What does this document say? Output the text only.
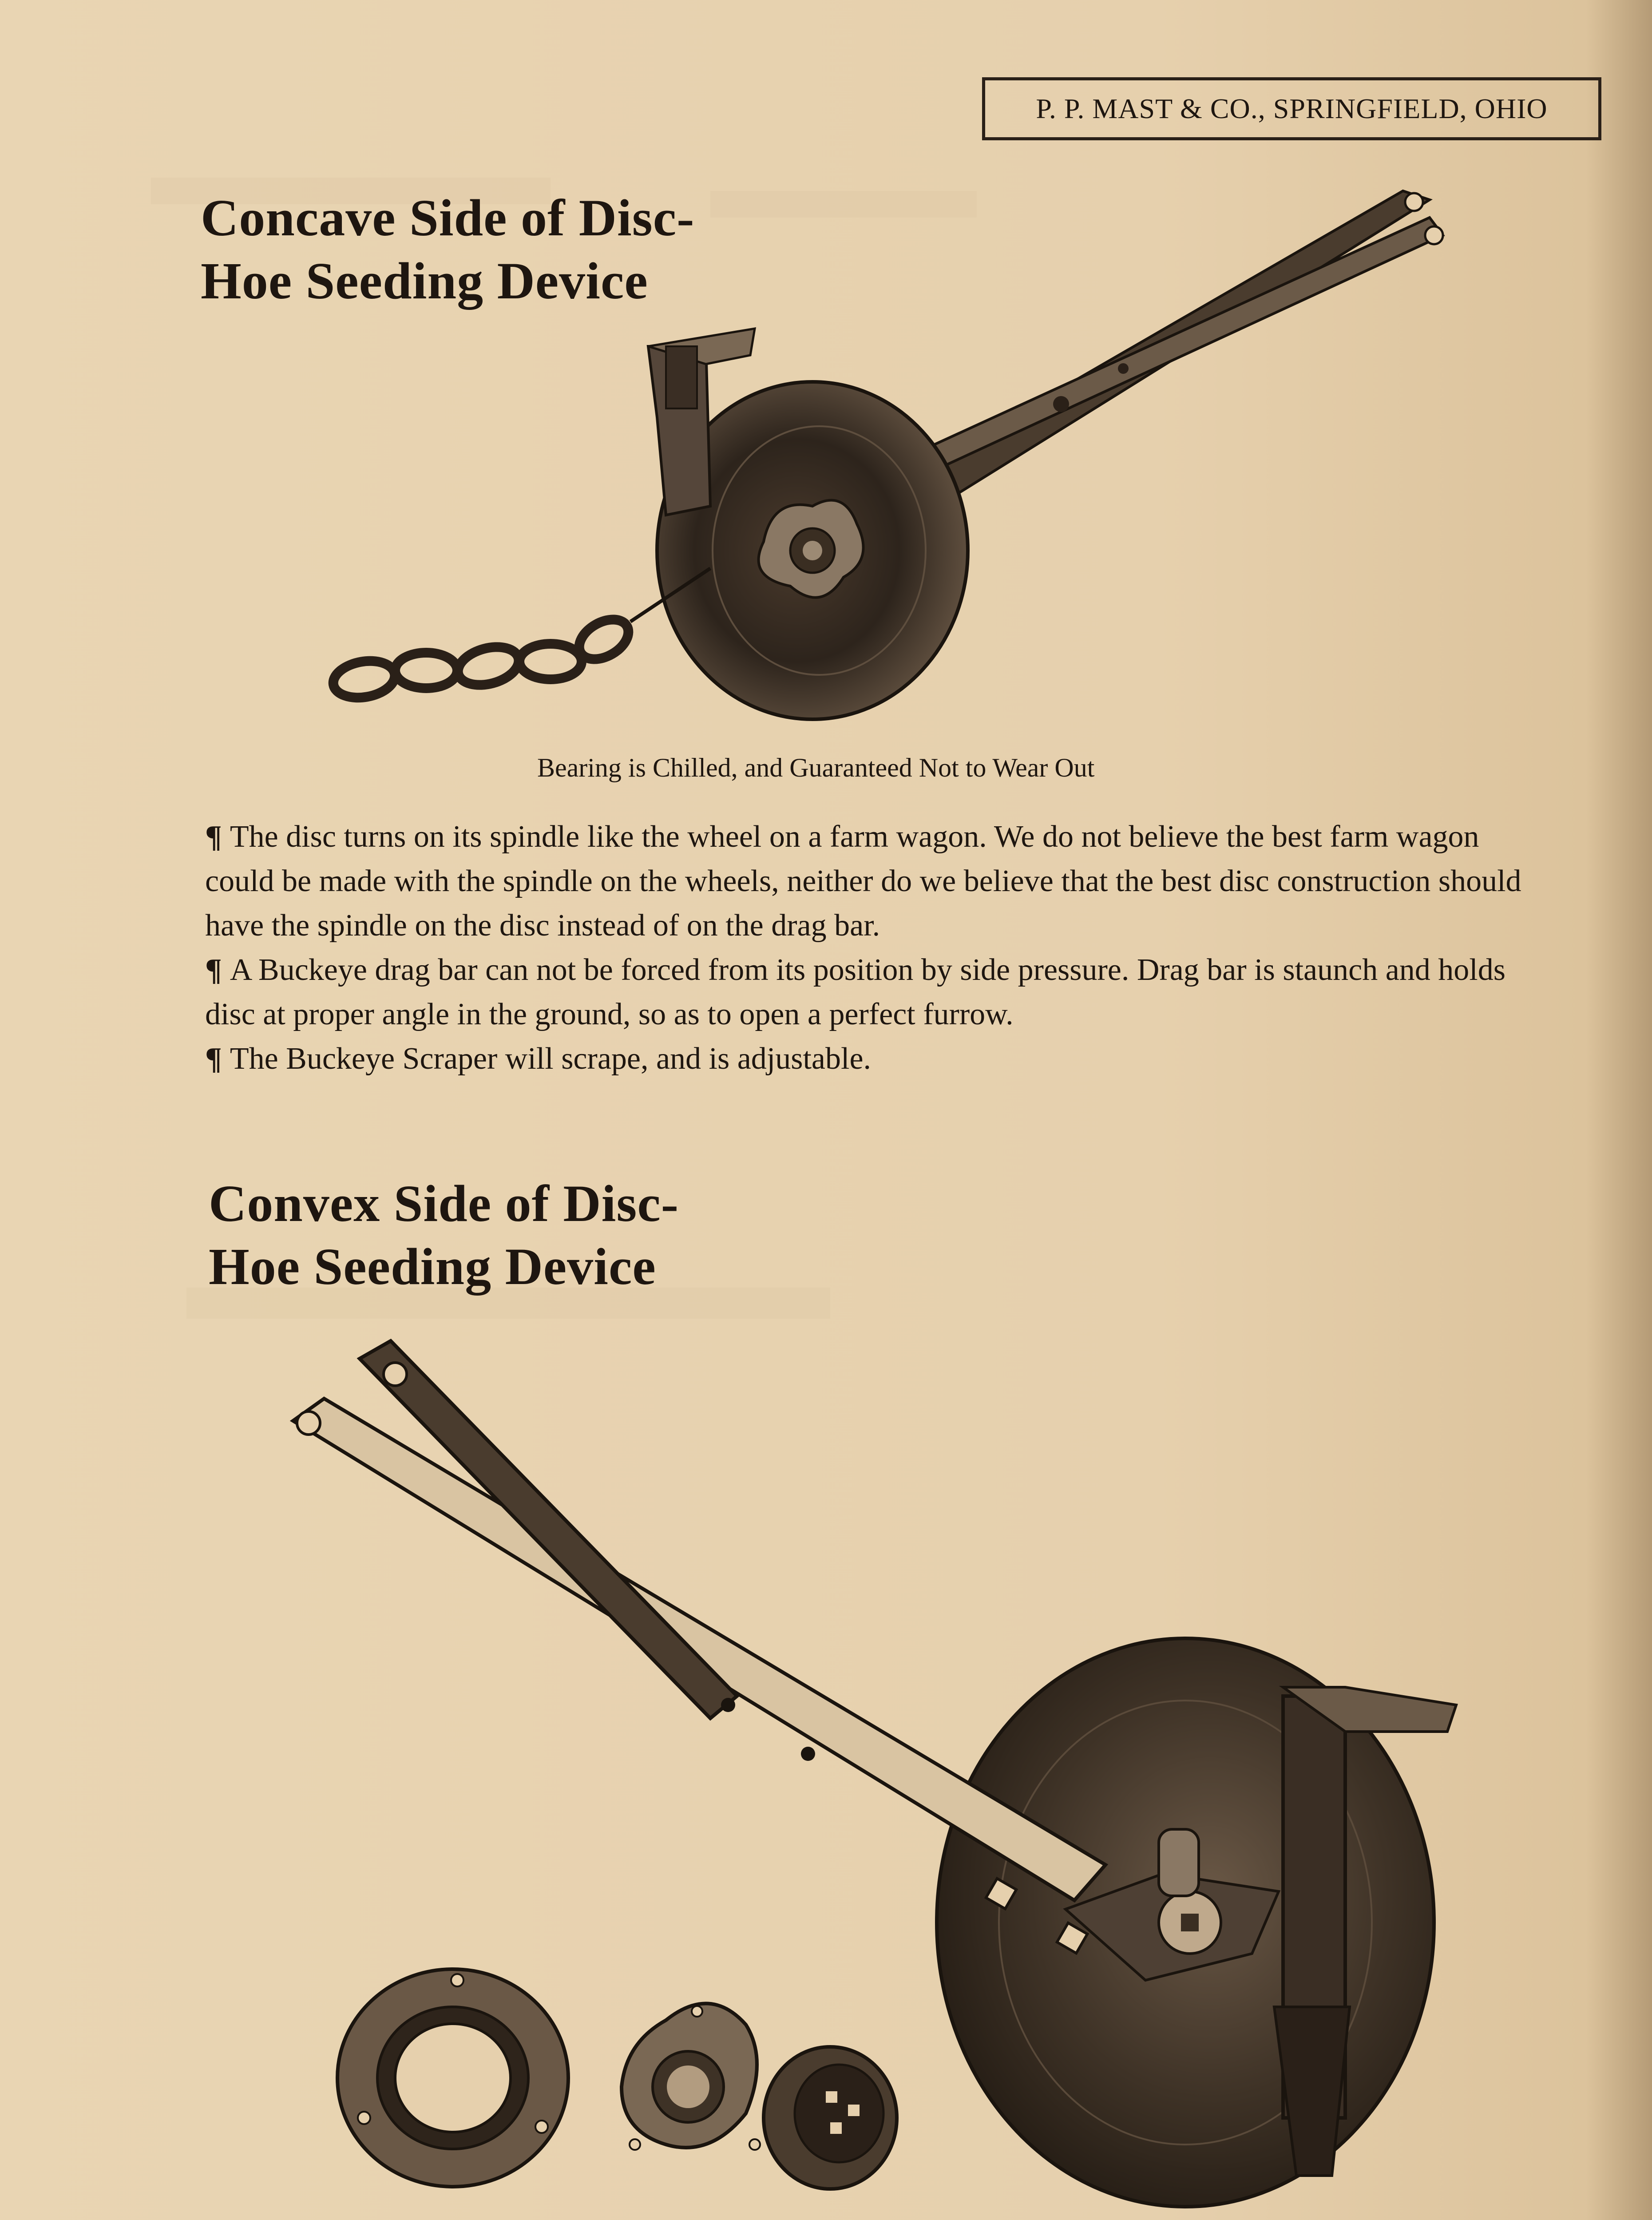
P. P. MAST & CO., SPRINGFIELD, OHIO
Concave Side of Disc-
Hoe Seeding Device
Bearing is Chilled, and Guaranteed Not to Wear Out

¶ The disc turns on its spindle like the wheel on a farm wagon. We do not believe the best farm wagon could be made with the spindle on the wheels, neither do we believe that the best disc construction should have the spindle on the disc instead of on the drag bar.

¶ A Buckeye drag bar can not be forced from its position by side pressure. Drag bar is staunch and holds disc at proper angle in the ground, so as to open a perfect furrow.

¶ The Buckeye Scraper will scrape, and is adjustable.

Convex Side of Disc-
Hoe Seeding Device
